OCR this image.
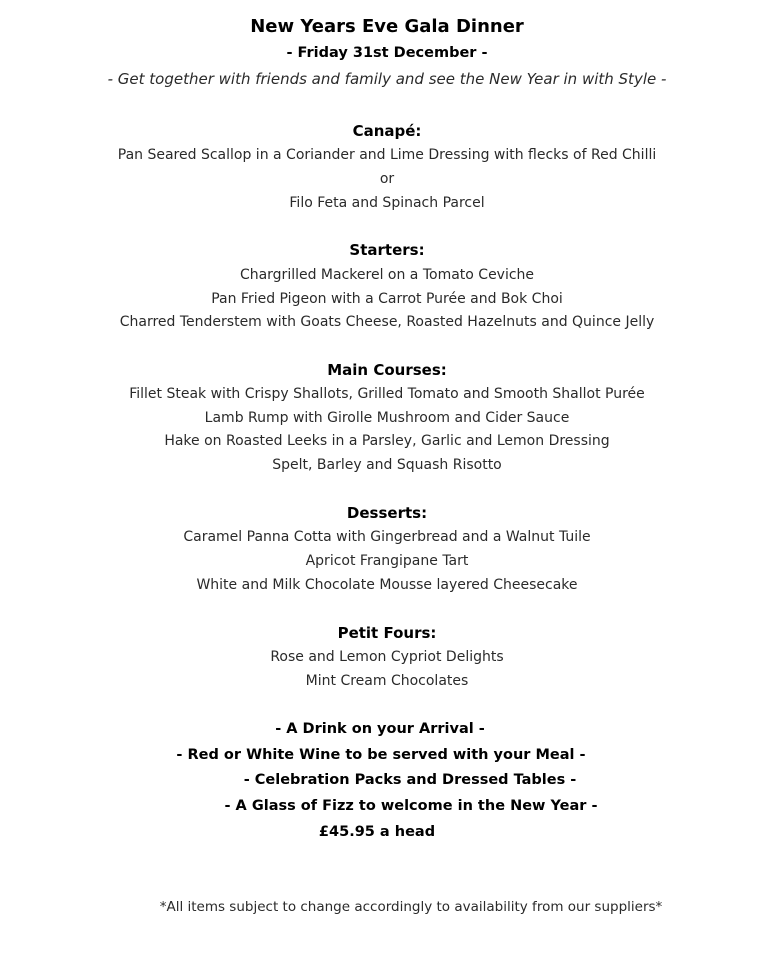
New Years Eve Gala Dinner
- Friday 31st December -
- Get together with friends and family and see the New Year in with Style -
Canapé:
Pan Seared Scallop in a Coriander and Lime Dressing with flecks of Red Chilli
or
Filo Feta and Spinach Parcel
Starters:
Chargrilled Mackerel on a Tomato Ceviche
Pan Fried Pigeon with a Carrot Purée and Bok Choi
Charred Tenderstem with Goats Cheese, Roasted Hazelnuts and Quince Jelly
Main Courses:
Fillet Steak with Crispy Shallots, Grilled Tomato and Smooth Shallot Purée
Lamb Rump with Girolle Mushroom and Cider Sauce
Hake on Roasted Leeks in a Parsley, Garlic and Lemon Dressing
Spelt, Barley and Squash Risotto
Desserts:
Caramel Panna Cotta with Gingerbread and a Walnut Tuile
Apricot Frangipane Tart
White and Milk Chocolate Mousse layered Cheesecake
Petit Fours:
Rose and Lemon Cypriot Delights
Mint Cream Chocolates
- A Drink on your Arrival -
- Red or White Wine to be served with your Meal -
- Celebration Packs and Dressed Tables -
- A Glass of Fizz to welcome in the New Year -
£45.95 a head
*All items subject to change accordingly to availability from our suppliers*
